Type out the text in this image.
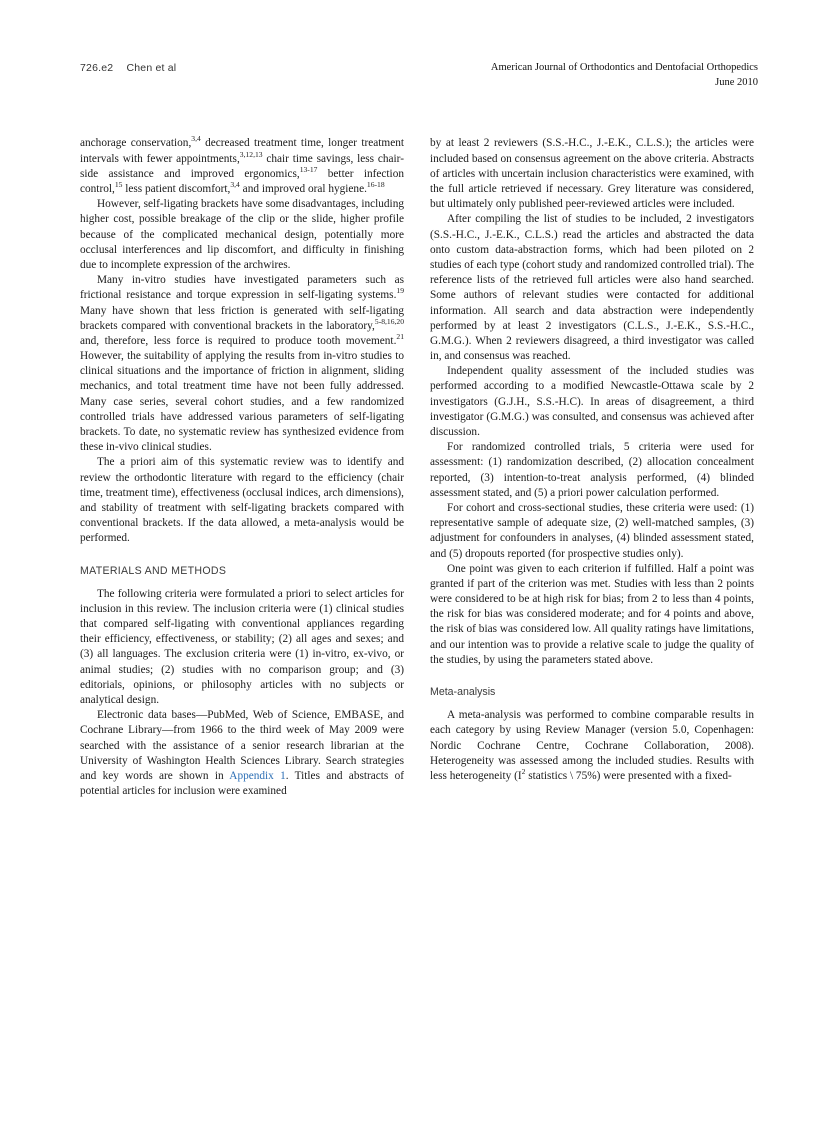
726.e2 Chen et al	American Journal of Orthodontics and Dentofacial Orthopedics
June 2010

anchorage conservation,$^{3,4}$ decreased treatment time, longer treatment intervals with fewer appointments,$^{3,12,13}$ chair time savings, less chair-side assistance and improved ergonomics,$^{13-17}$ better infection control,$^{15}$ less patient discomfort,$^{3,4}$ and improved oral hygiene.$^{16-18}$

However, self-ligating brackets have some disadvantages, including higher cost, possible breakage of the clip or the slide, higher profile because of the complicated mechanical design, potentially more occlusal interferences and lip discomfort, and difficulty in finishing due to incomplete expression of the archwires.

Many in-vitro studies have investigated parameters such as frictional resistance and torque expression in self-ligating systems.$^{19}$ Many have shown that less friction is generated with self-ligating brackets compared with conventional brackets in the laboratory,$^{5-8,16,20}$ and, therefore, less force is required to produce tooth movement.$^{21}$ However, the suitability of applying the results from in-vitro studies to clinical situations and the importance of friction in alignment, sliding mechanics, and total treatment time have not been fully addressed. Many case series, several cohort studies, and a few randomized controlled trials have addressed various parameters of self-ligating brackets. To date, no systematic review has synthesized evidence from these in-vivo clinical studies.

The a priori aim of this systematic review was to identify and review the orthodontic literature with regard to the efficiency (chair time, treatment time), effectiveness (occlusal indices, arch dimensions), and stability of treatment with self-ligating brackets compared with conventional brackets. If the data allowed, a meta-analysis would be performed.

MATERIALS AND METHODS

The following criteria were formulated a priori to select articles for inclusion in this review. The inclusion criteria were (1) clinical studies that compared self-ligating with conventional appliances regarding their efficiency, effectiveness, or stability; (2) all ages and sexes; and (3) all languages. The exclusion criteria were (1) in-vitro, ex-vivo, or animal studies; (2) studies with no comparison group; and (3) editorials, opinions, or philosophy articles with no subjects or analytical design.

Electronic data bases—PubMed, Web of Science, EMBASE, and Cochrane Library—from 1966 to the third week of May 2009 were searched with the assistance of a senior research librarian at the University of Washington Health Sciences Library. Search strategies and key words are shown in Appendix 1. Titles and abstracts of potential articles for inclusion were examined

by at least 2 reviewers (S.S.-H.C., J.-E.K., C.L.S.); the articles were included based on consensus agreement on the above criteria. Abstracts of articles with uncertain inclusion characteristics were examined, with the full article retrieved if necessary. Grey literature was considered, but ultimately only published peer-reviewed articles were included.

After compiling the list of studies to be included, 2 investigators (S.S.-H.C., J.-E.K., C.L.S.) read the articles and abstracted the data onto custom data-abstraction forms, which had been piloted on 2 studies of each type (cohort study and randomized controlled trial). The reference lists of the retrieved full articles were also hand searched. Some authors of relevant studies were contacted for additional information. All search and data abstraction were independently performed by at least 2 investigators (C.L.S., J.-E.K., S.S.-H.C., G.M.G.). When 2 reviewers disagreed, a third investigator was called in, and consensus was reached.

Independent quality assessment of the included studies was performed according to a modified Newcastle-Ottawa scale by 2 investigators (G.J.H., S.S.-H.C). In areas of disagreement, a third investigator (G.M.G.) was consulted, and consensus was achieved after discussion.

For randomized controlled trials, 5 criteria were used for assessment: (1) randomization described, (2) allocation concealment reported, (3) intention-to-treat analysis performed, (4) blinded assessment stated, and (5) a priori power calculation performed.

For cohort and cross-sectional studies, these criteria were used: (1) representative sample of adequate size, (2) well-matched samples, (3) adjustment for confounders in analyses, (4) blinded assessment stated, and (5) dropouts reported (for prospective studies only).

One point was given to each criterion if fulfilled. Half a point was granted if part of the criterion was met. Studies with less than 2 points were considered to be at high risk for bias; from 2 to less than 4 points, the risk for bias was considered moderate; and for 4 points and above, the risk of bias was considered low. All quality ratings have limitations, and our intention was to provide a relative scale to judge the quality of the studies, by using the parameters stated above.

Meta-analysis

A meta-analysis was performed to combine comparable results in each category by using Review Manager (version 5.0, Copenhagen: Nordic Cochrane Centre, Cochrane Collaboration, 2008). Heterogeneity was assessed among the included studies. Results with less heterogeneity ($I^2$ statistics \ 75%) were presented with a fixed-
